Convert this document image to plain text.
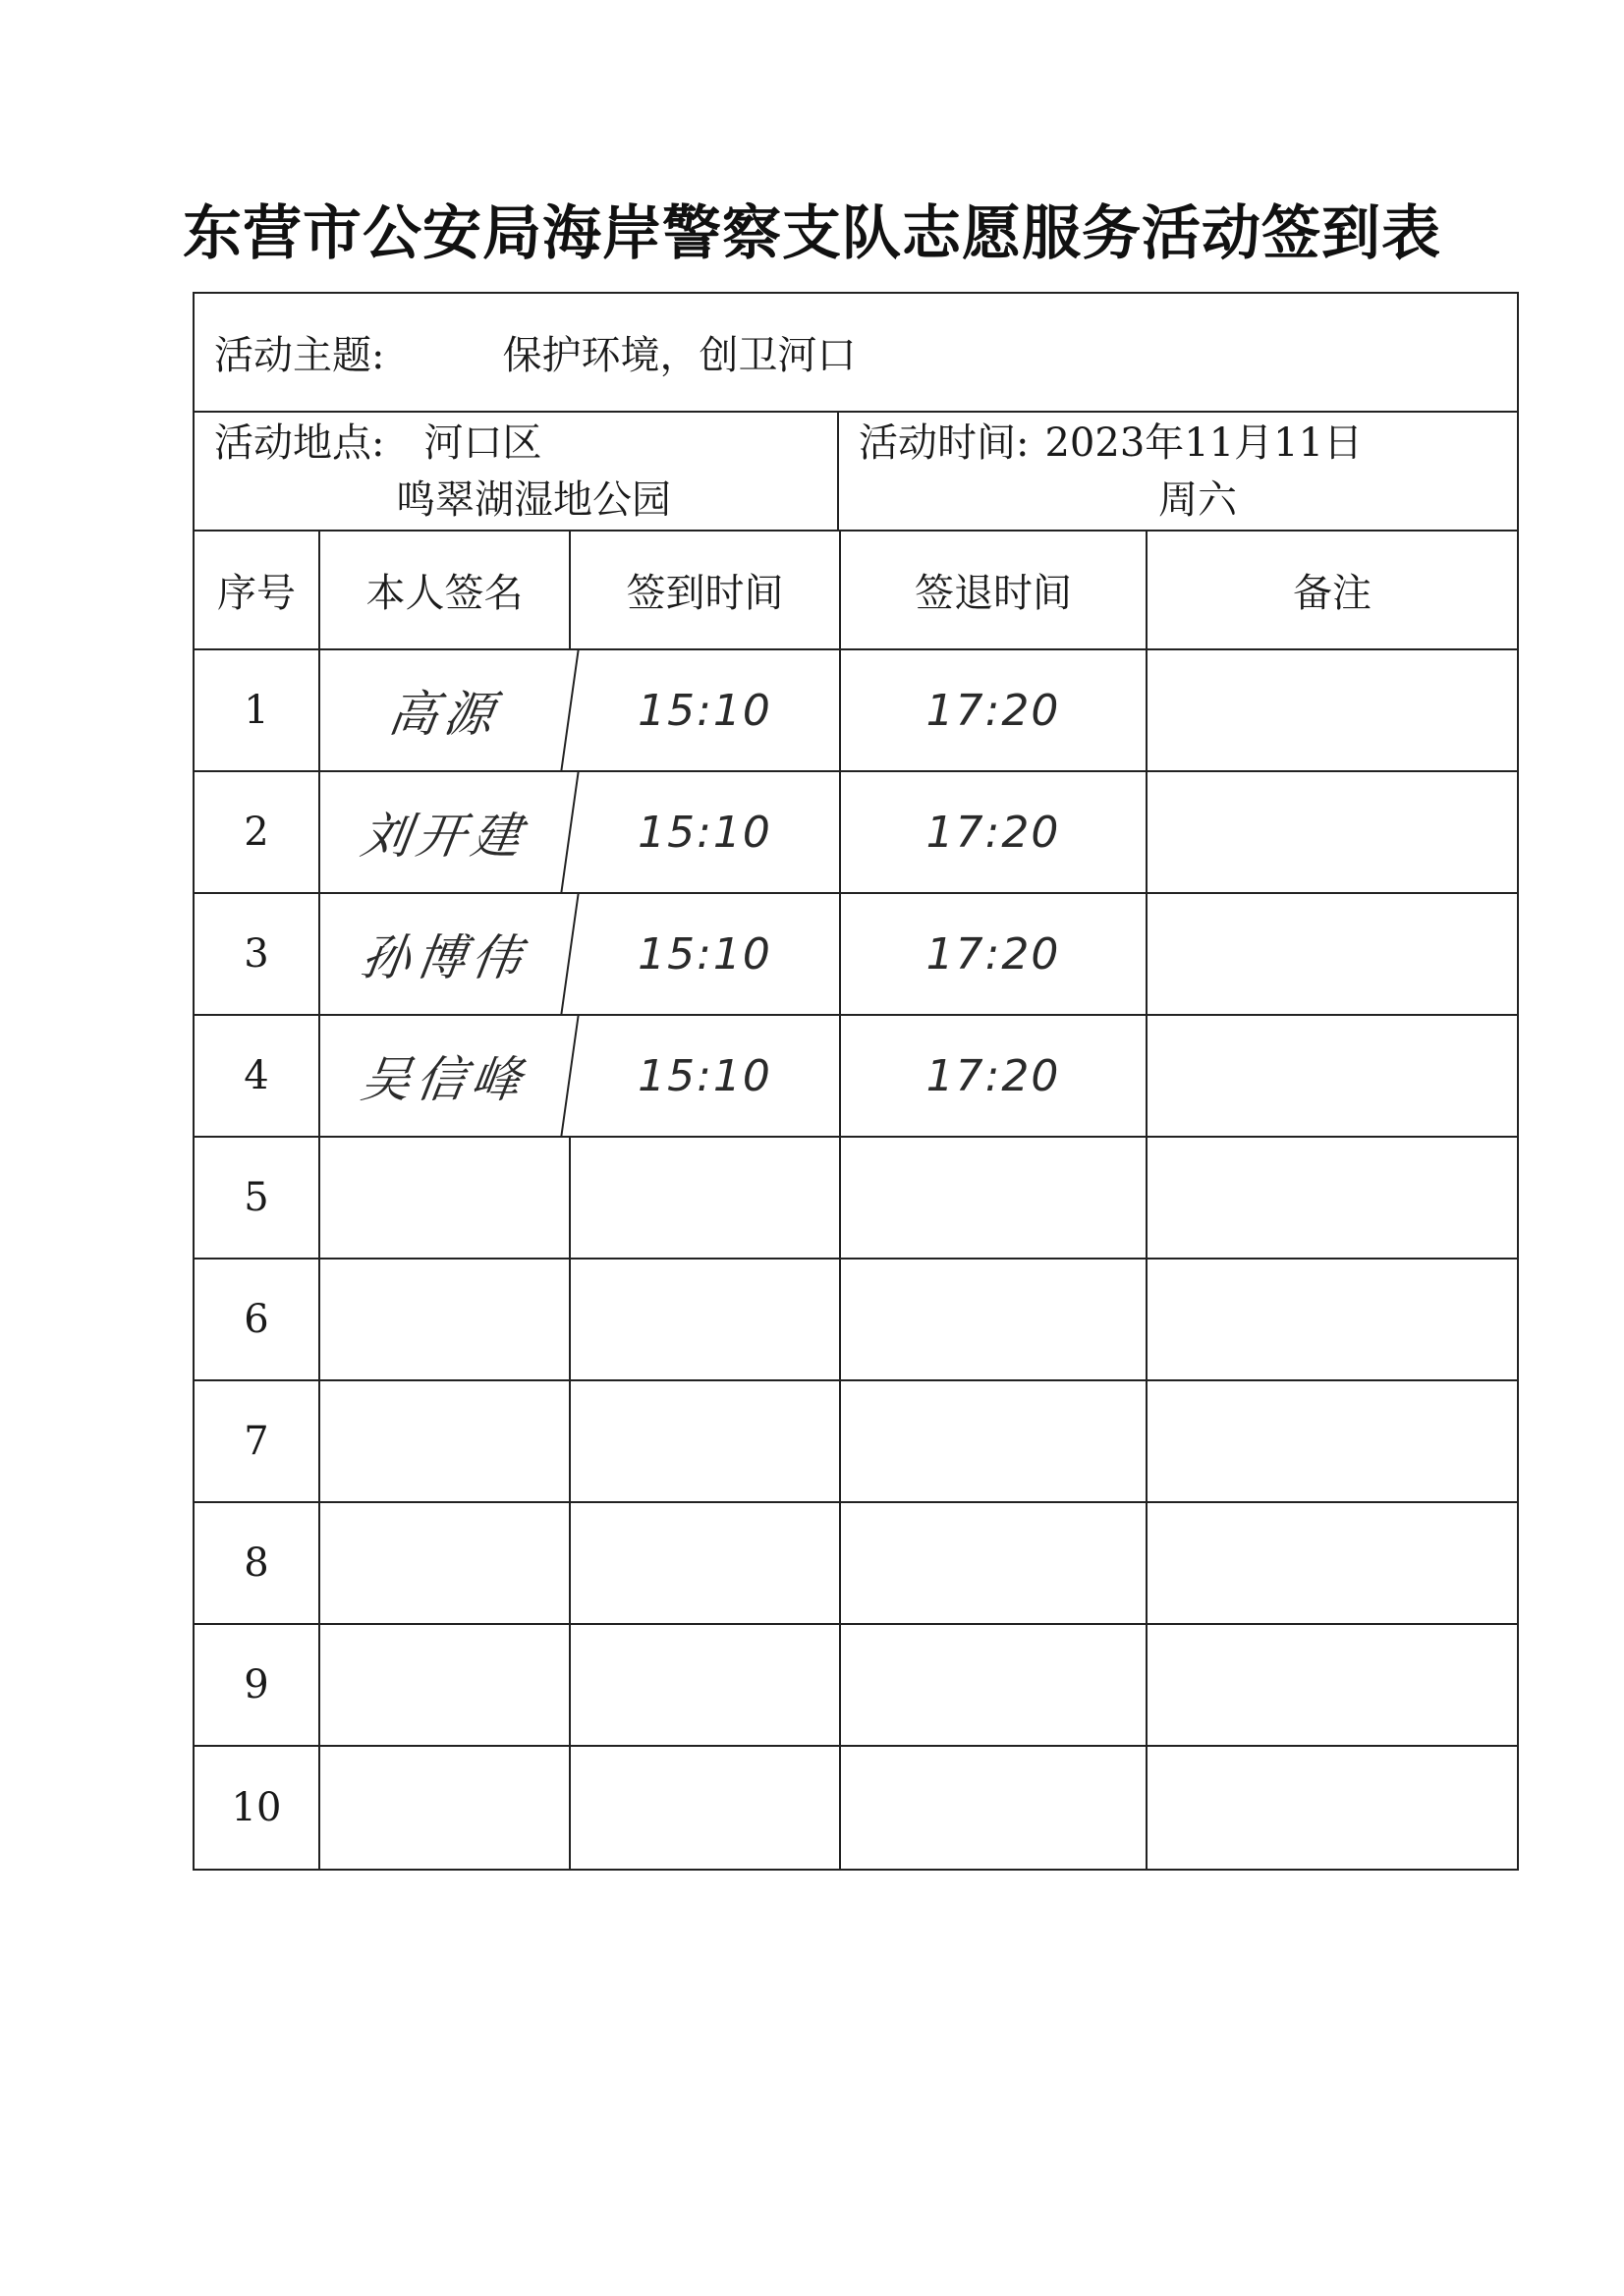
东营市公安局海岸警察支队志愿服务活动签到表
活动主题:	保护环境，创卫河口
活动地点: 河口区
鸣翠湖湿地公园
活动时间: 2023年11月11日
周六
序号	本人签名	签到时间	签退时间	备注
1	高源	15:10	17:20
2	刘开建	15:10	17:20
3	孙博伟	15:10	17:20
4	吴信峰	15:10	17:20
5
6
7
8
9
10
